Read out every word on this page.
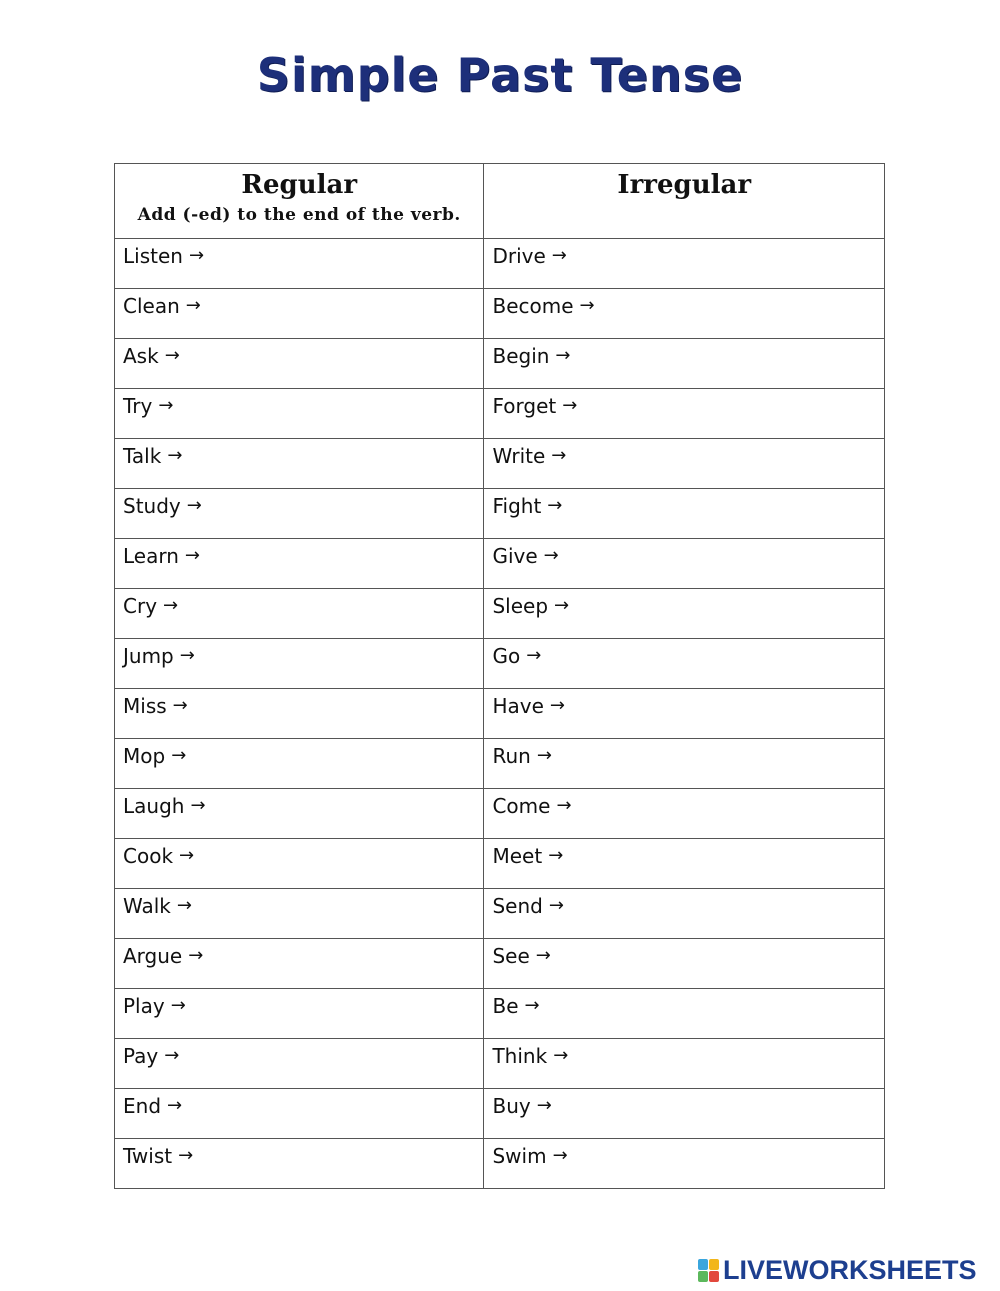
Simple Past Tense
Regular
Add (-ed) to the end of the verb.	Irregular

Listen →	Drive →

Clean →	Become →

Ask →	Begin →

Try →	Forget →

Talk →	Write →

Study →	Fight →

Learn →	Give →

Cry →	Sleep →

Jump →	Go →

Miss →	Have →

Mop →	Run →

Laugh →	Come →

Cook →	Meet →

Walk →	Send →

Argue →	See →

Play →	Be →

Pay →	Think →

End →	Buy →

Twist →	Swim →
LIVEWORKSHEETS
